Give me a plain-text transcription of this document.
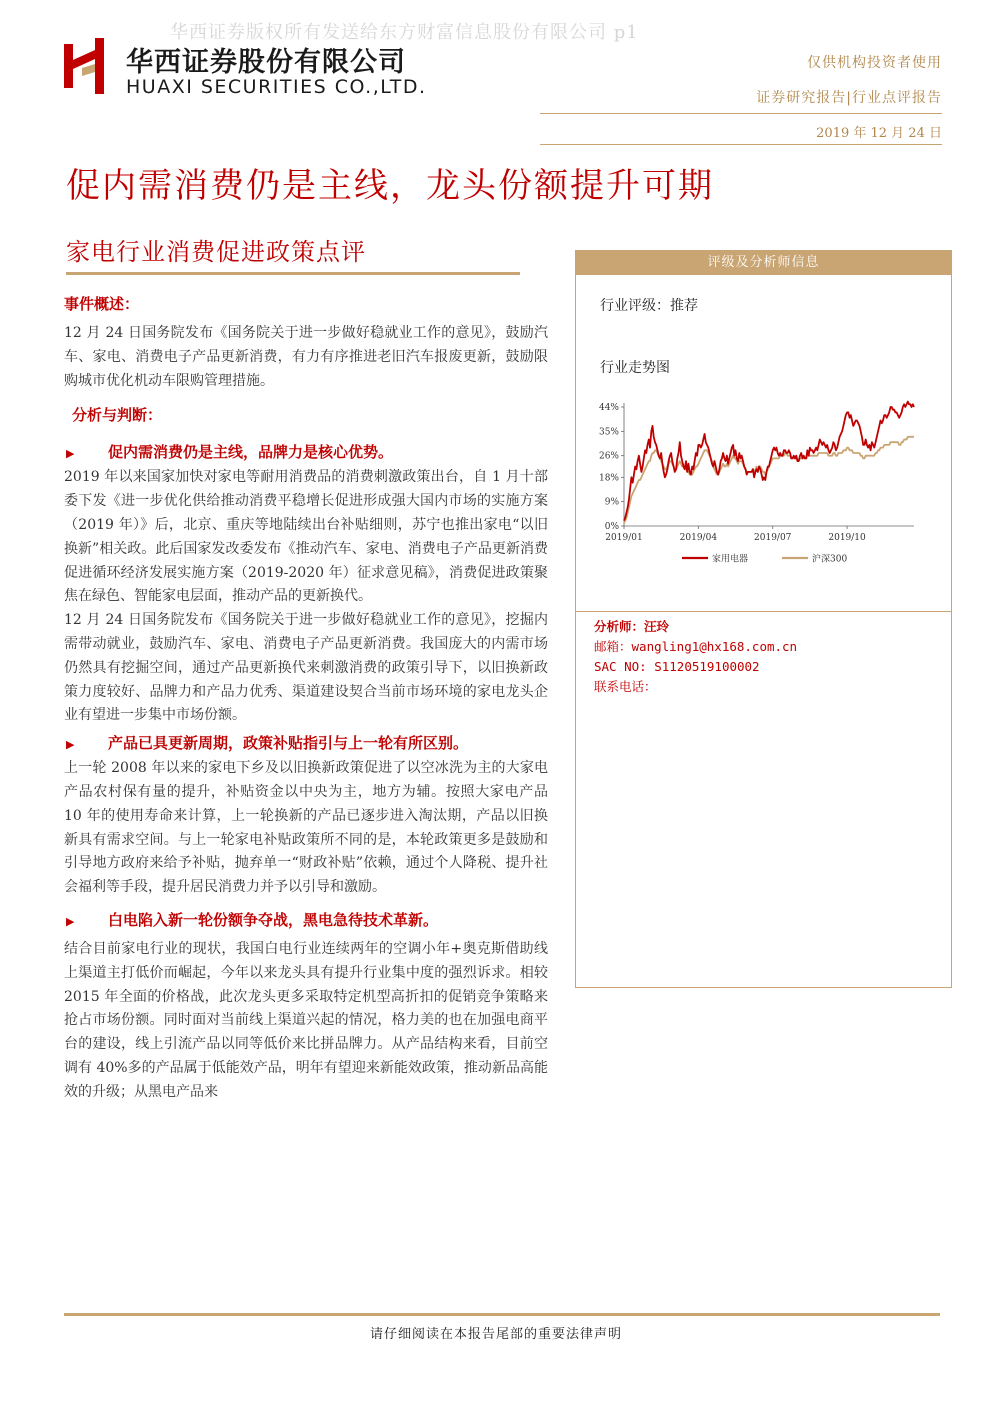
华西证券版权所有发送给东方财富信息股份有限公司 p1
华西证券股份有限公司
HUAXI SECURITIES CO.,LTD.
仅供机构投资者使用
证券研究报告|行业点评报告
2019 年 12 月 24 日
促内需消费仍是主线，龙头份额提升可期
家电行业消费促进政策点评
事件概述：
12 月 24 日国务院发布《国务院关于进一步做好稳就业工作的意见》，鼓励汽车、家电、消费电子产品更新消费，有力有序推进老旧汽车报废更新，鼓励限购城市优化机动车限购管理措施。
分析与判断：
▶ 促内需消费仍是主线，品牌力是核心优势。
2019 年以来国家加快对家电等耐用消费品的消费刺激政策出台，自 1 月十部委下发《进一步优化供给推动消费平稳增长促进形成强大国内市场的实施方案（2019 年）》后，北京、重庆等地陆续出台补贴细则，苏宁也推出家电“以旧换新”相关政。此后国家发改委发布《推动汽车、家电、消费电子产品更新消费促进循环经济发展实施方案（2019-2020 年）征求意见稿》，消费促进政策聚焦在绿色、智能家电层面，推动产品的更新换代。
12 月 24 日国务院发布《国务院关于进一步做好稳就业工作的意见》，挖掘内需带动就业，鼓励汽车、家电、消费电子产品更新消费。我国庞大的内需市场仍然具有挖掘空间，通过产品更新换代来刺激消费的政策引导下，以旧换新政策力度较好、品牌力和产品力优秀、渠道建设契合当前市场环境的家电龙头企业有望进一步集中市场份额。
▶ 产品已具更新周期，政策补贴指引与上一轮有所区别。
上一轮 2008 年以来的家电下乡及以旧换新政策促进了以空冰洗为主的大家电产品农村保有量的提升，补贴资金以中央为主，地方为辅。按照大家电产品 10 年的使用寿命来计算，上一轮换新的产品已逐步进入淘汰期，产品以旧换新具有需求空间。与上一轮家电补贴政策所不同的是，本轮政策更多是鼓励和引导地方政府来给予补贴，抛弃单一“财政补贴”依赖，通过个人降税、提升社会福利等手段，提升居民消费力并予以引导和激励。
▶ 白电陷入新一轮份额争夺战，黑电急待技术革新。
结合目前家电行业的现状，我国白电行业连续两年的空调小年+奥克斯借助线上渠道主打低价而崛起，今年以来龙头具有提升行业集中度的强烈诉求。相较 2015 年全面的价格战，此次龙头更多采取特定机型高折扣的促销竞争策略来抢占市场份额。同时面对当前线上渠道兴起的情况，格力美的也在加强电商平台的建设，线上引流产品以同等低价来比拼品牌力。从产品结构来看，目前空调有 40%多的产品属于低能效产品，明年有望迎来新能效政策，推动新品高能效的升级；从黑电产品来
评级及分析师信息
行业评级：推荐
行业走势图
44%
35%
26%
18%
9%
0%
2019/01	2019/04	2019/07	2019/10
家用电器	沪深300
分析师：汪玲
邮箱：wangling1@hx168.com.cn
SAC NO: S1120519100002
联系电话：
请仔细阅读在本报告尾部的重要法律声明
